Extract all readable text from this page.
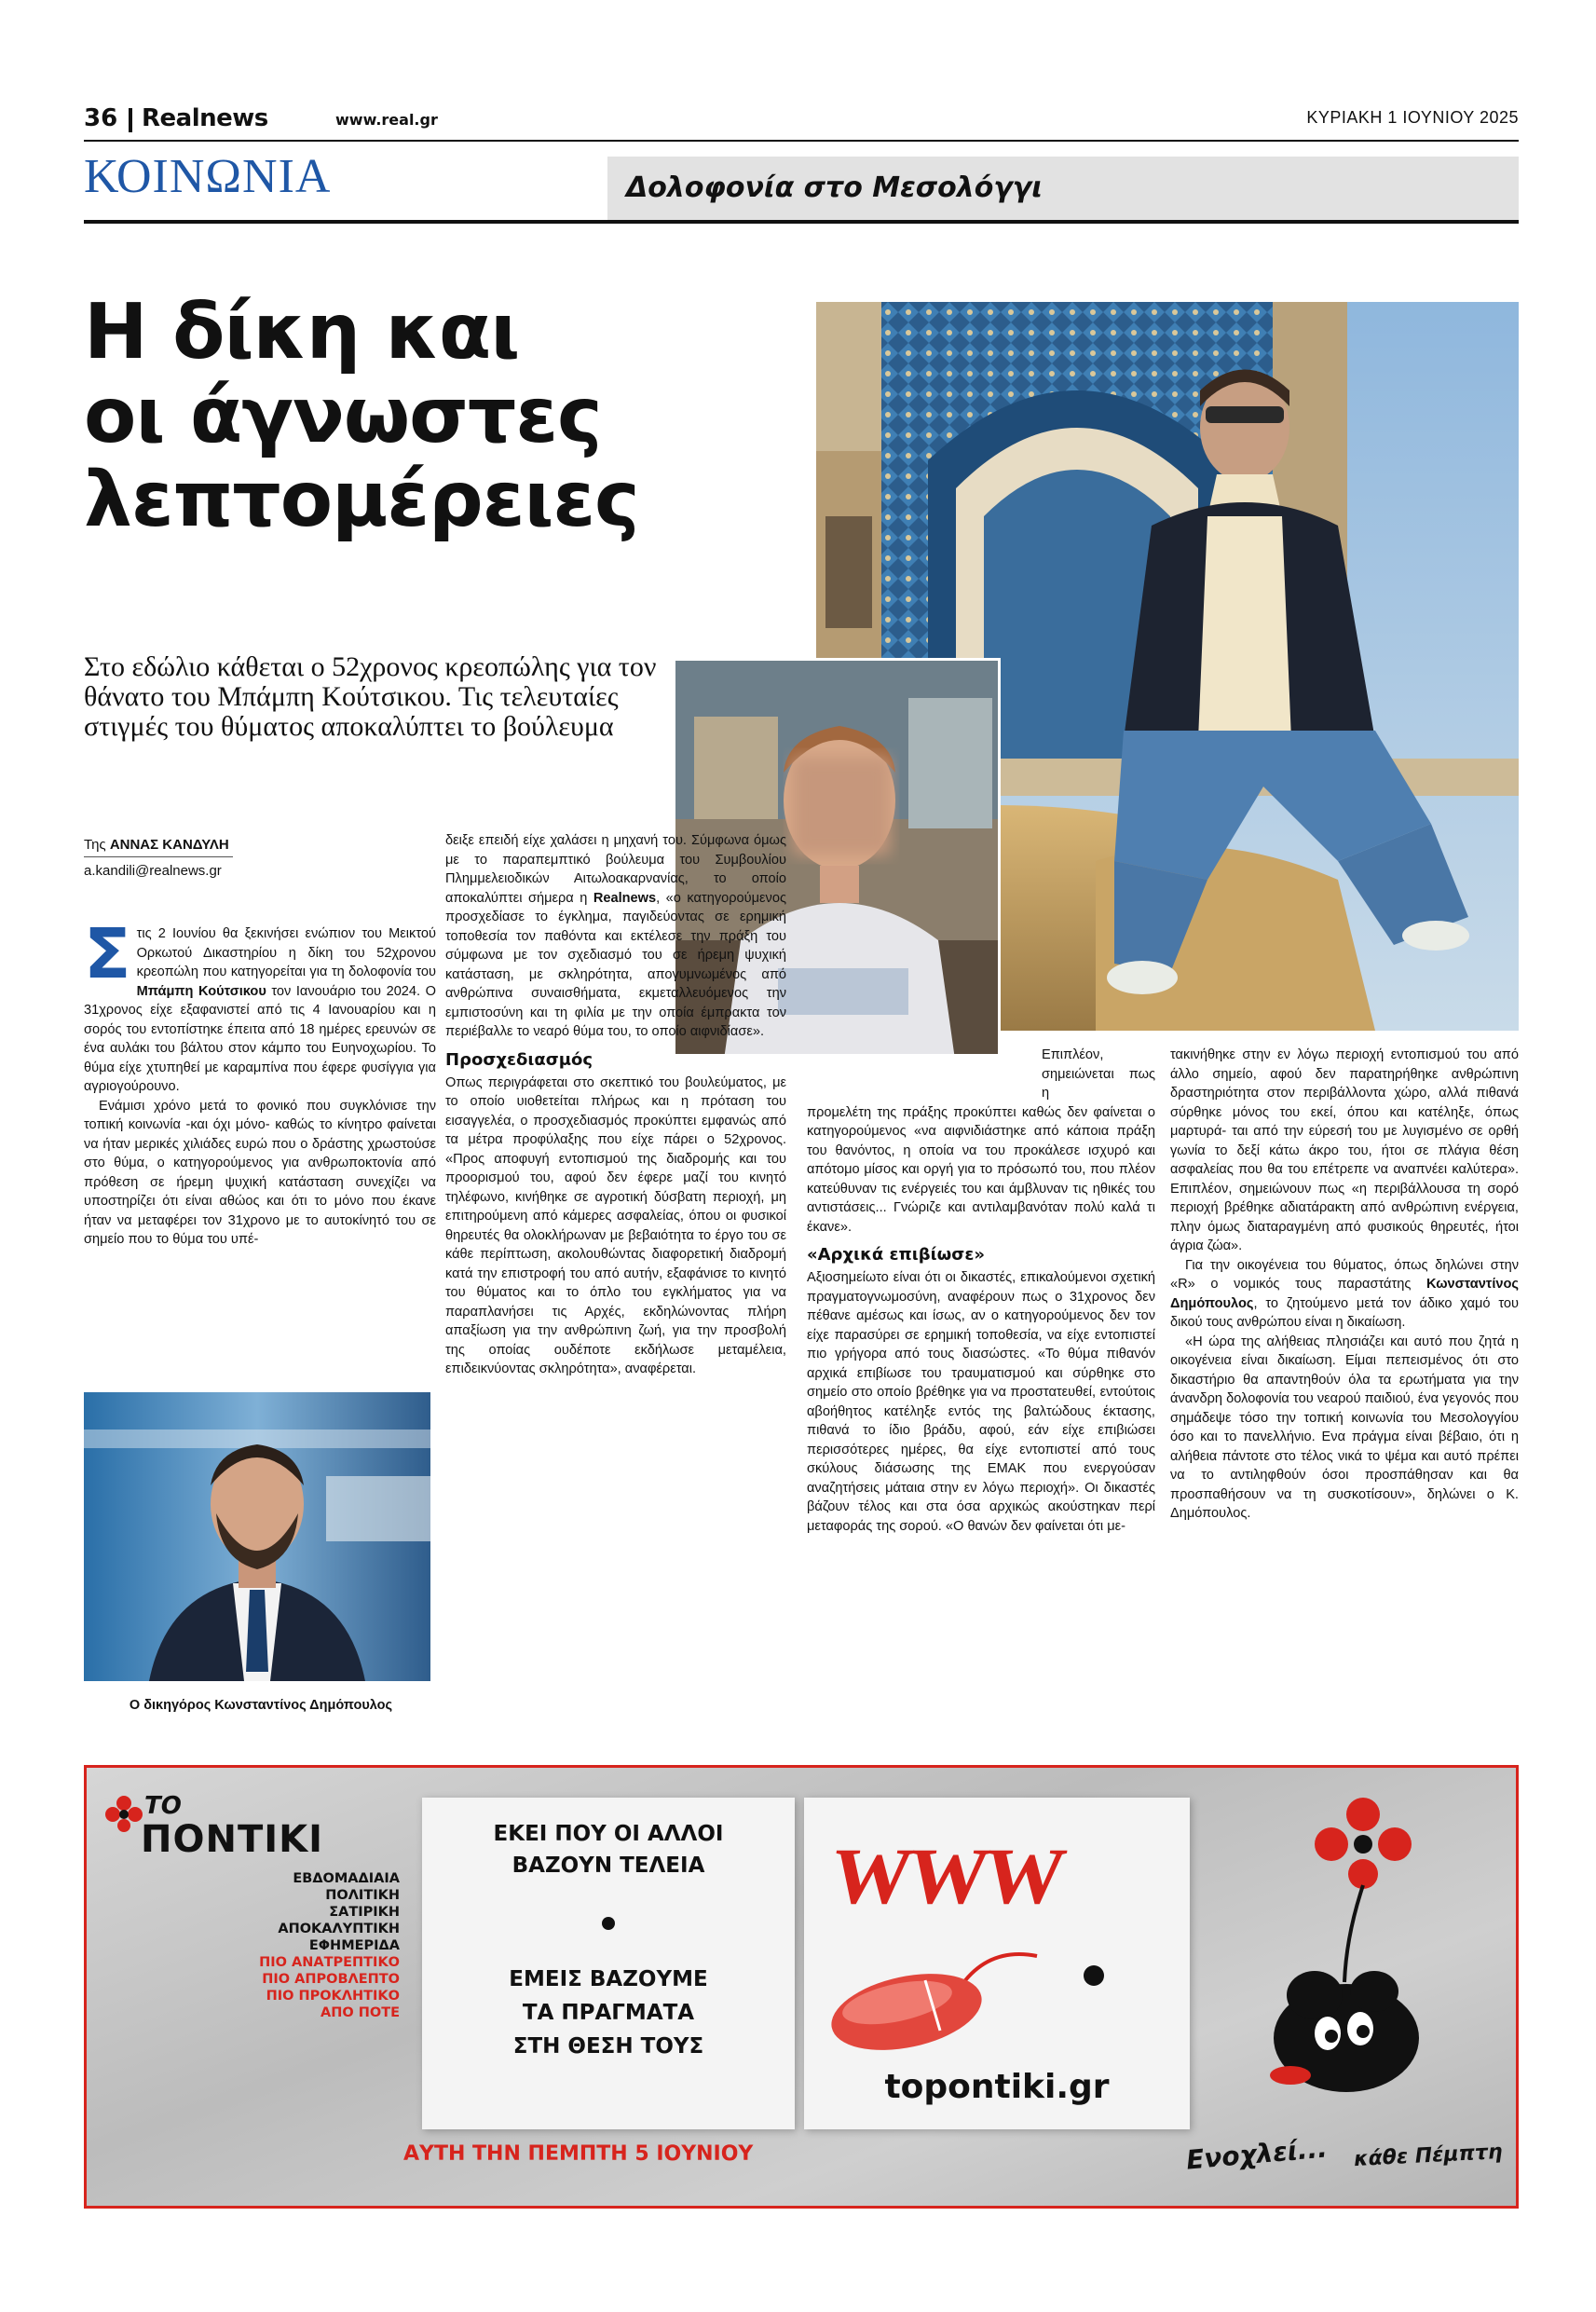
36 Realnews	www.real.gr	ΚΥΡΙΑΚΗ 1 ΙΟΥΝΙΟΥ 2025
ΚΟΙΝΩΝΙΑ	Δολοφονία στο Μεσολόγγι
Η δίκη και
οι άγνωστες
λεπτομέρειες
Στο εδώλιο κάθεται ο 52χρονος κρεοπώλης για τον θάνατο του Μπάμπη Κούτσικου. Τις τελευταίες στιγμές του θύματος αποκαλύπτει το βούλευμα
Της ΑΝΝΑΣ ΚΑΝΔΥΛΗ
a.kandili@realnews.gr

Σ τις 2 Ιουνίου θα ξεκινήσει ενώπιον του Μεικτού Ορκωτού Δικαστηρίου η δίκη του 52χρονου κρεοπώλη που κατηγορείται για τη δολοφονία του Μπάμπη Κούτσικου τον Ιανουάριο του 2024. Ο 31χρονος είχε εξαφανιστεί από τις 4 Ιανουαρίου και η σορός του εντοπίστηκε έπειτα από 18 ημέρες ερευνών σε ένα αυλάκι του βάλτου στον κάμπο του Ευηνοχωρίου. Το θύμα είχε χτυπηθεί με καραμπίνα που έφερε φυσίγγια για αγριογούρουνο.

Ενάμισι χρόνο μετά το φονικό που συγκλόνισε την τοπική κοινωνία -και όχι μόνο- καθώς το κίνητρο φαίνεται να ήταν μερικές χιλιάδες ευρώ που ο δράστης χρωστούσε στο θύμα, ο κατηγορούμενος για ανθρωποκτονία από πρόθεση σε ήρεμη ψυχική κατάσταση συνεχίζει να υποστηρίζει ότι είναι αθώος και ότι το μόνο που έκανε ήταν να μεταφέρει τον 31χρονο με το αυτοκίνητό του σε σημείο που το θύμα του υπέ-

Ο δικηγόρος Κωνσταντίνος Δημόπουλος

δειξε επειδή είχε χαλάσει η μηχανή του. Σύμφωνα όμως με το παραπεμπτικό βούλευμα του Συμβουλίου Πλημμελειοδικών Αιτωλοακαρνανίας, το οποίο αποκαλύπτει σήμερα η Realnews, «ο κατηγορούμενος προσχεδίασε το έγκλημα, παγιδεύοντας σε ερημική τοποθεσία τον παθόντα και εκτέλεσε την πράξη του σύμφωνα με τον σχεδιασμό του σε ήρεμη ψυχική κατάσταση, με σκληρότητα, απογυμνωμένος από ανθρώπινα συναισθήματα, εκμεταλλευόμενος την εμπιστοσύνη και τη φιλία με την οποία έμπρακτα τον περιέβαλλε το νεαρό θύμα του, το οποίο αιφνιδίασε».

Προσχεδιασμός

Οπως περιγράφεται στο σκεπτικό του βουλεύματος, με το οποίο υιοθετείται πλήρως και η πρόταση του εισαγγελέα, ο προσχεδιασμός προκύπτει εμφανώς από τα μέτρα προφύλαξης που είχε πάρει ο 52χρονος. «Προς αποφυγή εντοπισμού της διαδρομής και του προορισμού του, αφού δεν έφερε μαζί του κινητό τηλέφωνο, κινήθηκε σε αγροτική δύσβατη περιοχή, μη επιτηρούμενη από κάμερες ασφαλείας, όπου οι φυσικοί θηρευτές θα ολοκλήρωναν με βεβαιότητα το έργο του σε κάθε περίπτωση, ακολουθώντας διαφορετική διαδρομή κατά την επιστροφή του από αυτήν, εξαφάνισε το κινητό του θύματος και το όπλο του εγκλήματος για να παραπλανήσει τις Αρχές, εκδηλώνοντας πλήρη απαξίωση για την ανθρώπινη ζωή, για την προσβολή της οποίας ουδέποτε εκδήλωσε μεταμέλεια, επιδεικνύοντας σκληρότητα», αναφέρεται.

Επιπλέον, σημειώνεται πως η

προμελέτη της πράξης προκύπτει καθώς δεν φαίνεται ο κατηγορούμενος «να αιφνιδιάστηκε από κάποια πράξη του θανόντος, η οποία να του προκάλεσε ισχυρό και απότομο μίσος και οργή για το πρόσωπό του, που πλέον κατεύθυναν τις ενέργειές του και άμβλυναν τις ηθικές του αντιστάσεις... Γνώριζε και αντιλαμβανόταν πολύ καλά τι έκανε».

«Αρχικά επιβίωσε»

Αξιοσημείωτο είναι ότι οι δικαστές, επικαλούμενοι σχετική πραγματογνωμοσύνη, αναφέρουν πως ο 31χρονος δεν πέθανε αμέσως και ίσως, αν ο κατηγορούμενος δεν τον είχε παρασύρει σε ερημική τοποθεσία, να είχε εντοπιστεί πιο γρήγορα από τους διασώστες. «Το θύμα πιθανόν αρχικά επιβίωσε του τραυματισμού και σύρθηκε στο σημείο στο οποίο βρέθηκε για να προστατευθεί, εντούτοις αβοήθητος κατέληξε εντός της βαλτώδους έκτασης, πιθανά το ίδιο βράδυ, αφού, εάν είχε επιβιώσει περισσότερες ημέρες, θα είχε εντοπιστεί από τους σκύλους διάσωσης της ΕΜΑΚ που ενεργούσαν αναζητήσεις μάταια στην εν λόγω περιοχή». Οι δικαστές βάζουν τέλος και στα όσα αρχικώς ακούστηκαν περί μεταφοράς της σορού. «Ο θανών δεν φαίνεται ότι με-

τακινήθηκε στην εν λόγω περιοχή εντοπισμού του από άλλο σημείο, αφού δεν παρατηρήθηκε ανθρώπινη δραστηριότητα στον περιβάλλοντα χώρο, αλλά πιθανά σύρθηκε μόνος του εκεί, όπου και κατέληξε, όπως μαρτυρά- ται από την εύρεσή του με λυγισμένο σε ορθή γωνία το δεξί κάτω άκρο του, ήτοι σε πλάγια θέση ασφαλείας που θα του επέτρεπε να αναπνέει καλύτερα». Επιπλέον, σημειώνουν πως «η περιβάλλουσα τη σορό περιοχή βρέθηκε αδιατάρακτη από ανθρώπινη ενέργεια, πλην όμως διαταραγμένη από φυσικούς θηρευτές, ήτοι άγρια ζώα».

Για την οικογένεια του θύματος, όπως δηλώνει στην «R» ο νομικός τους παραστάτης Κωνσταντίνος Δημόπουλος, το ζητούμενο μετά τον άδικο χαμό του δικού τους ανθρώπου είναι η δικαίωση.

«Η ώρα της αλήθειας πλησιάζει και αυτό που ζητά η οικογένεια είναι δικαίωση. Είμαι πεπεισμένος ότι στο δικαστήριο θα απαντηθούν όλα τα ερωτήματα για την άνανδρη δολοφονία του νεαρού παιδιού, ένα γεγονός που σημάδεψε τόσο την τοπική κοινωνία του Μεσολογγίου όσο και το πανελλήνιο. Ενα πράγμα είναι βέβαιο, ότι η αλήθεια πάντοτε στο τέλος νικά το ψέμα και αυτό πρέπει να το αντιληφθούν όσοι προσπάθησαν και θα προσπαθήσουν να τη συσκοτίσουν», δηλώνει ο Κ. Δημόπουλος.

ΤΟ
ΠΟΝΤΙΚΙ
ΕΒΔΟΜΑΔΙΑΙΑ
ΠΟΛΙΤΙΚΗ
ΣΑΤΙΡΙΚΗ
ΑΠΟΚΑΛΥΠΤΙΚΗ
ΕΦΗΜΕΡΙΔΑ
ΠΙΟ ΑΝΑΤΡΕΠΤΙΚΟ
ΠΙΟ ΑΠΡΟΒΛΕΠΤΟ
ΠΙΟ ΠΡΟΚΛΗΤΙΚΟ
ΑΠΟ ΠΟΤΕ
ΕΚΕΙ ΠΟΥ ΟΙ ΑΛΛΟΙ
ΒΑΖΟΥΝ ΤΕΛΕΙΑ
ΕΜΕΙΣ ΒΑΖΟΥΜΕ
ΤΑ ΠΡΑΓΜΑΤΑ
ΣΤΗ ΘΕΣΗ ΤΟΥΣ
WWW
topontiki.gr
ΑΥΤΗ ΤΗΝ ΠΕΜΠΤΗ 5 ΙΟΥΝΙΟΥ	Ενοχλεί... κάθε Πέμπτη
